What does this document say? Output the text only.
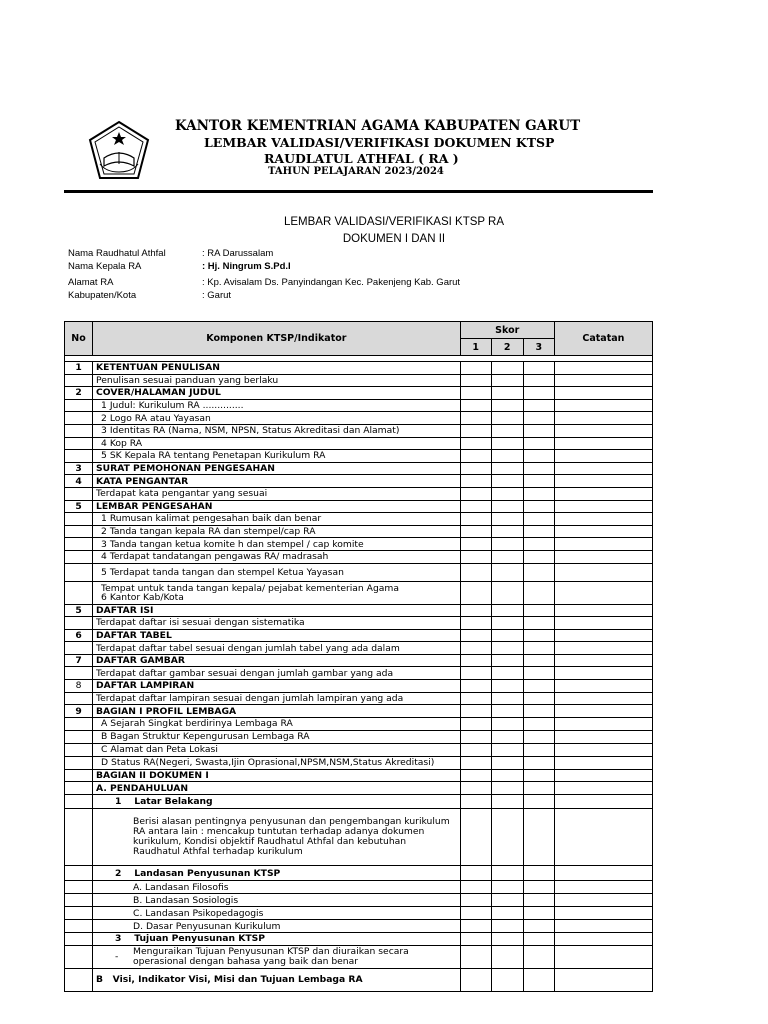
KANTOR KEMENTRIAN AGAMA KABUPATEN GARUT
LEMBAR VALIDASI/VERIFIKASI DOKUMEN KTSP
RAUDLATUL ATHFAL ( RA )
TAHUN PELAJARAN 2023/2024
LEMBAR VALIDASI/VERIFIKASI KTSP RA
DOKUMEN I DAN II
Nama Raudhatul Athfal	: RA Darussalam
Nama Kepala RA	: Hj. Ningrum S.Pd.I
Alamat RA	: Kp. Avisalam Ds. Panyindangan Kec. Pakenjeng Kab. Garut
Kabupaten/Kota	: Garut
No	Komponen KTSP/Indikator	Skor			Catatan
		1	2	3	

1	KETENTUAN PENULISAN				
	Penulisan sesuai panduan yang berlaku				
2	COVER/HALAMAN JUDUL				
	1 Judul: Kurikulum RA ..............				
	2 Logo RA atau Yayasan				
	3 Identitas RA (Nama, NSM, NPSN, Status Akreditasi dan Alamat)				
	4 Kop RA				
	5 SK Kepala RA tentang Penetapan Kurikulum RA				
3	SURAT PEMOHONAN PENGESAHAN				
4	KATA PENGANTAR				
	Terdapat kata pengantar yang sesuai				
5	LEMBAR PENGESAHAN				
	1 Rumusan kalimat pengesahan baik dan benar				
	2 Tanda tangan kepala RA dan stempel/cap RA				
	3 Tanda tangan ketua komite h dan stempel / cap komite				
	4 Terdapat tandatangan pengawas RA/ madrasah				
	5 Terdapat tanda tangan dan stempel Ketua Yayasan				

	Tempat untuk tanda tangan kepala/ pejabat kementerian Agama
6 Kantor Kab/Kota				

5	DAFTAR ISI				
	Terdapat daftar isi sesuai dengan sistematika				
6	DAFTAR TABEL				
	Terdapat daftar tabel sesuai dengan jumlah tabel yang ada dalam				
7	DAFTAR GAMBAR				
	Terdapat daftar gambar sesuai dengan jumlah gambar yang ada				
8	DAFTAR LAMPIRAN				
	Terdapat daftar lampiran sesuai dengan jumlah lampiran yang ada				
9	BAGIAN I PROFIL LEMBAGA				
	A Sejarah Singkat berdirinya Lembaga RA				
	B Bagan Struktur Kepengurusan Lembaga RA				
	C Alamat dan Peta Lokasi				
	D Status RA(Negeri, Swasta,Ijin Oprasional,NPSM,NSM,Status Akreditasi)				
	BAGIAN II DOKUMEN I				
	A. PENDAHULUAN				
	1 Latar Belakang				
	Berisi alasan pentingnya penyusunan dan pengembangan kurikulum RA antara lain : mencakup tuntutan terhadap adanya dokumen kurikulum, Kondisi objektif Raudhatul Athfal dan kebutuhan Raudhatul Athfal terhadap kurikulum				
	2 Landasan Penyusunan KTSP				
	A. Landasan Filosofis				
	B. Landasan Sosiologis				
	C. Landasan Psikopedagogis				
	D. Dasar Penyusunan Kurikulum				
	3 Tujuan Penyusunan KTSP				
	- Menguraikan Tujuan Penyusunan KTSP dan diuraikan secara operasional dengan bahasa yang baik dan benar				
	B Visi, Indikator Visi, Misi dan Tujuan Lembaga RA				
